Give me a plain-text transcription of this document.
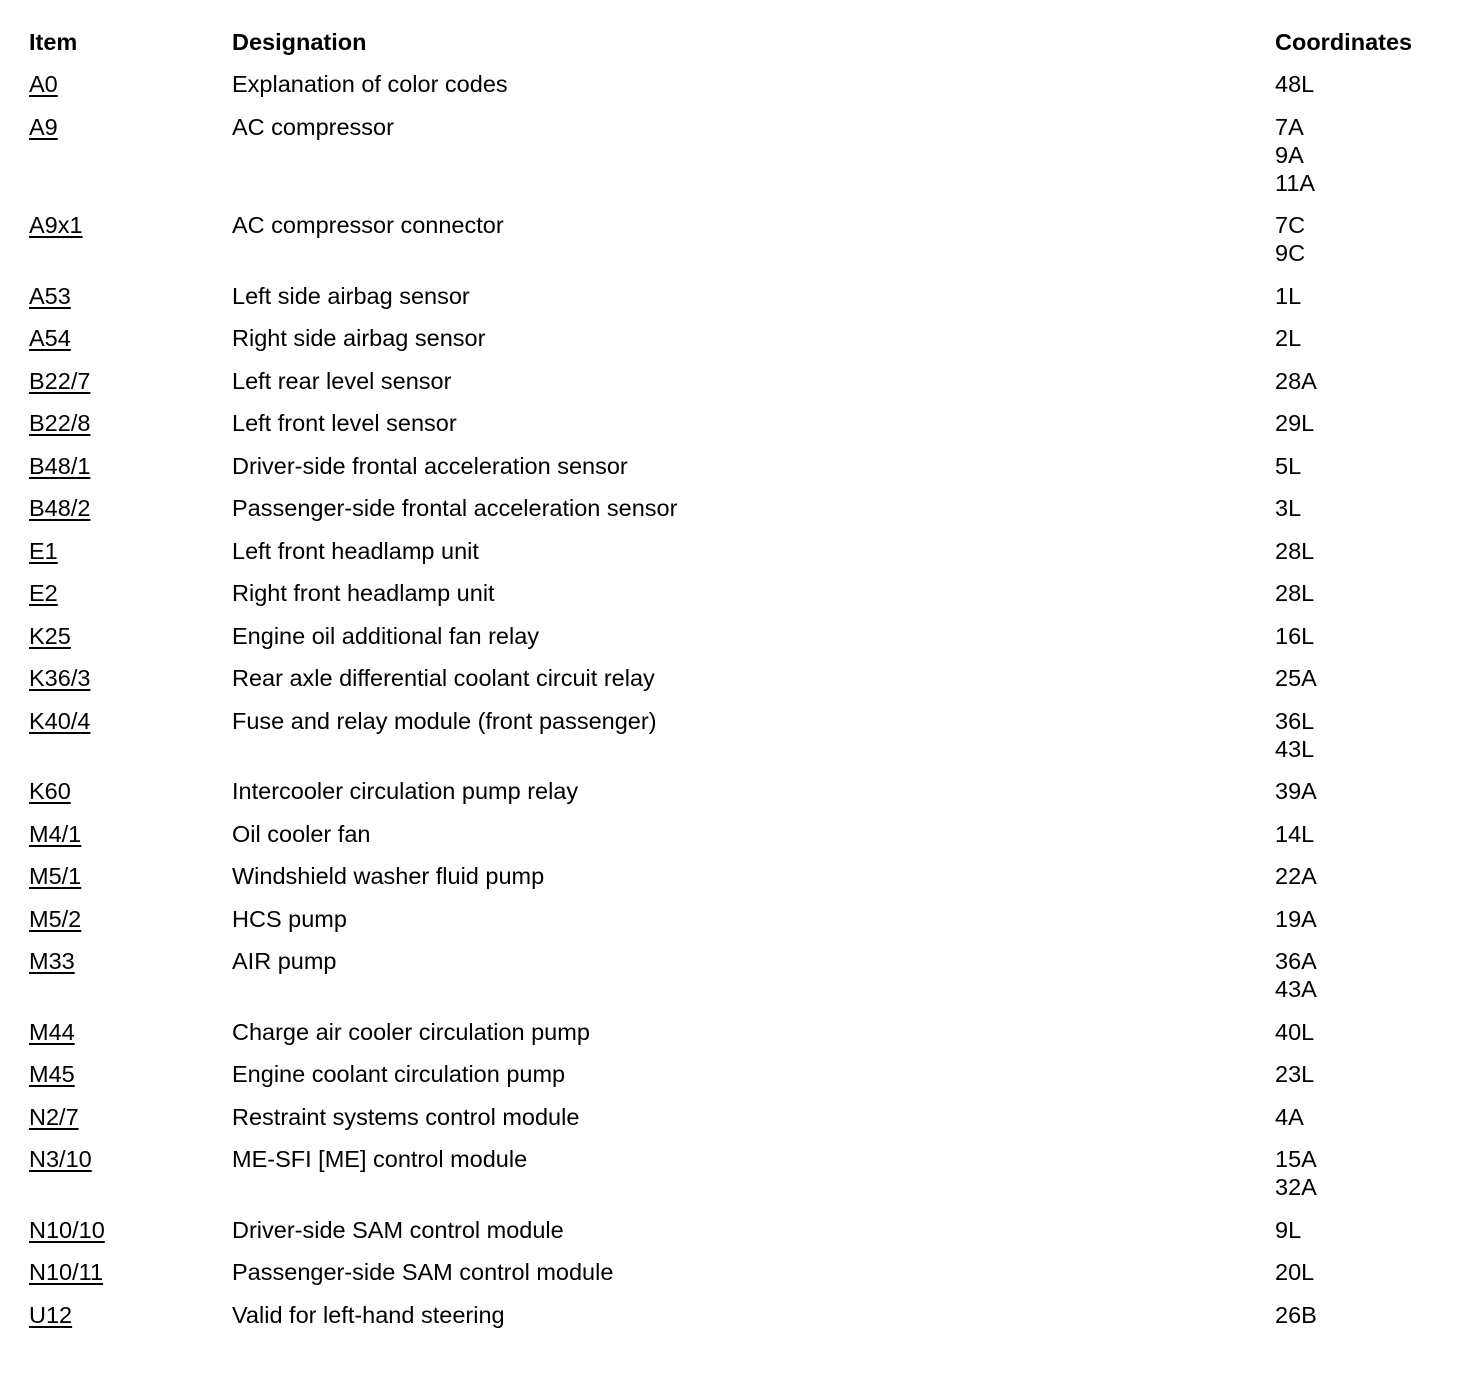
Item	Designation	Coordinates
A0	Explanation of color codes	48L

A9	AC compressor	7A
9A
11A

A9x1	AC compressor connector	7C
9C

A53	Left side airbag sensor	1L

A54	Right side airbag sensor	2L

B22/7	Left rear level sensor	28A

B22/8	Left front level sensor	29L

B48/1	Driver-side frontal acceleration sensor	5L

B48/2	Passenger-side frontal acceleration sensor	3L

E1	Left front headlamp unit	28L

E2	Right front headlamp unit	28L

K25	Engine oil additional fan relay	16L

K36/3	Rear axle differential coolant circuit relay	25A

K40/4	Fuse and relay module (front passenger)	36L
43L

K60	Intercooler circulation pump relay	39A

M4/1	Oil cooler fan	14L

M5/1	Windshield washer fluid pump	22A

M5/2	HCS pump	19A

M33	AIR pump	36A
43A

M44	Charge air cooler circulation pump	40L

M45	Engine coolant circulation pump	23L

N2/7	Restraint systems control module	4A

N3/10	ME-SFI [ME] control module	15A
32A

N10/10	Driver-side SAM control module	9L

N10/11	Passenger-side SAM control module	20L

U12	Valid for left-hand steering	26B
